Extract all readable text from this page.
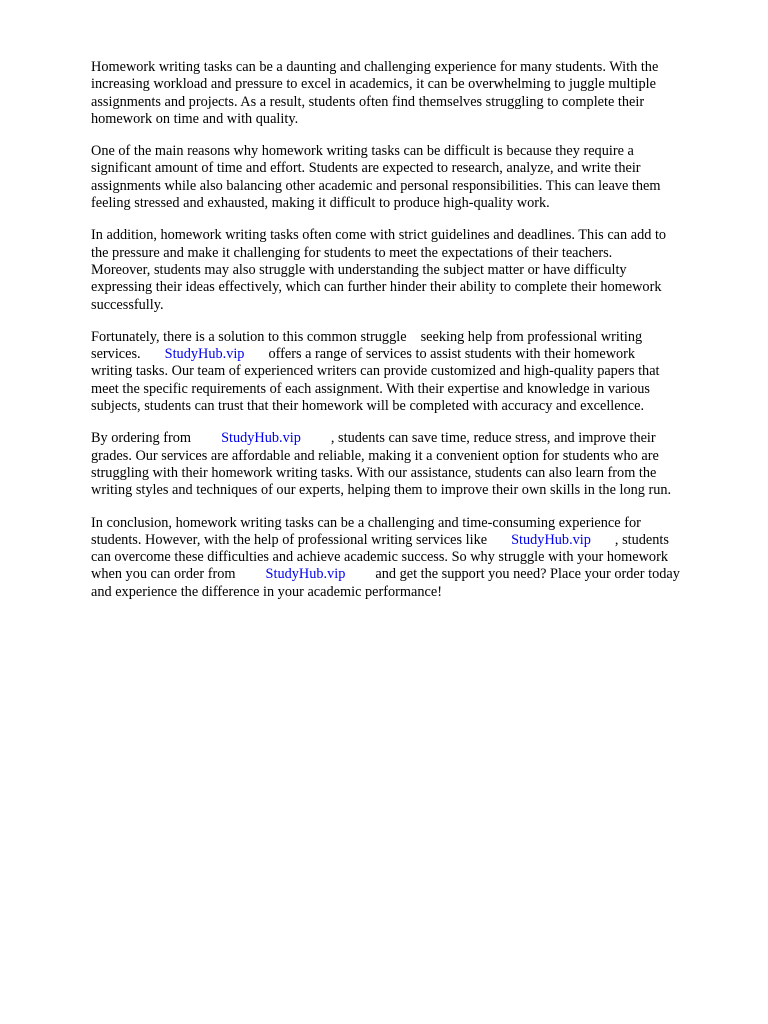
Homework writing tasks can be a daunting and challenging experience for many students. With the
increasing workload and pressure to excel in academics, it can be overwhelming to juggle multiple
assignments and projects. As a result, students often find themselves struggling to complete their
homework on time and with quality.

One of the main reasons why homework writing tasks can be difficult is because they require a
significant amount of time and effort. Students are expected to research, analyze, and write their
assignments while also balancing other academic and personal responsibilities. This can leave them
feeling stressed and exhausted, making it difficult to produce high-quality work.

In addition, homework writing tasks often come with strict guidelines and deadlines. This can add to
the pressure and make it challenging for students to meet the expectations of their teachers.
Moreover, students may also struggle with understanding the subject matter or have difficulty
expressing their ideas effectively, which can further hinder their ability to complete their homework
successfully.

Fortunately, there is a solution to this common struggle seeking help from professional writing
services. StudyHub.vip offers a range of services to assist students with their homework
writing tasks. Our team of experienced writers can provide customized and high-quality papers that
meet the specific requirements of each assignment. With their expertise and knowledge in various
subjects, students can trust that their homework will be completed with accuracy and excellence.

By ordering from StudyHub.vip , students can save time, reduce stress, and improve their
grades. Our services are affordable and reliable, making it a convenient option for students who are
struggling with their homework writing tasks. With our assistance, students can also learn from the
writing styles and techniques of our experts, helping them to improve their own skills in the long run.

In conclusion, homework writing tasks can be a challenging and time-consuming experience for
students. However, with the help of professional writing services like StudyHub.vip , students
can overcome these difficulties and achieve academic success. So why struggle with your homework
when you can order from StudyHub.vip and get the support you need? Place your order today
and experience the difference in your academic performance!
